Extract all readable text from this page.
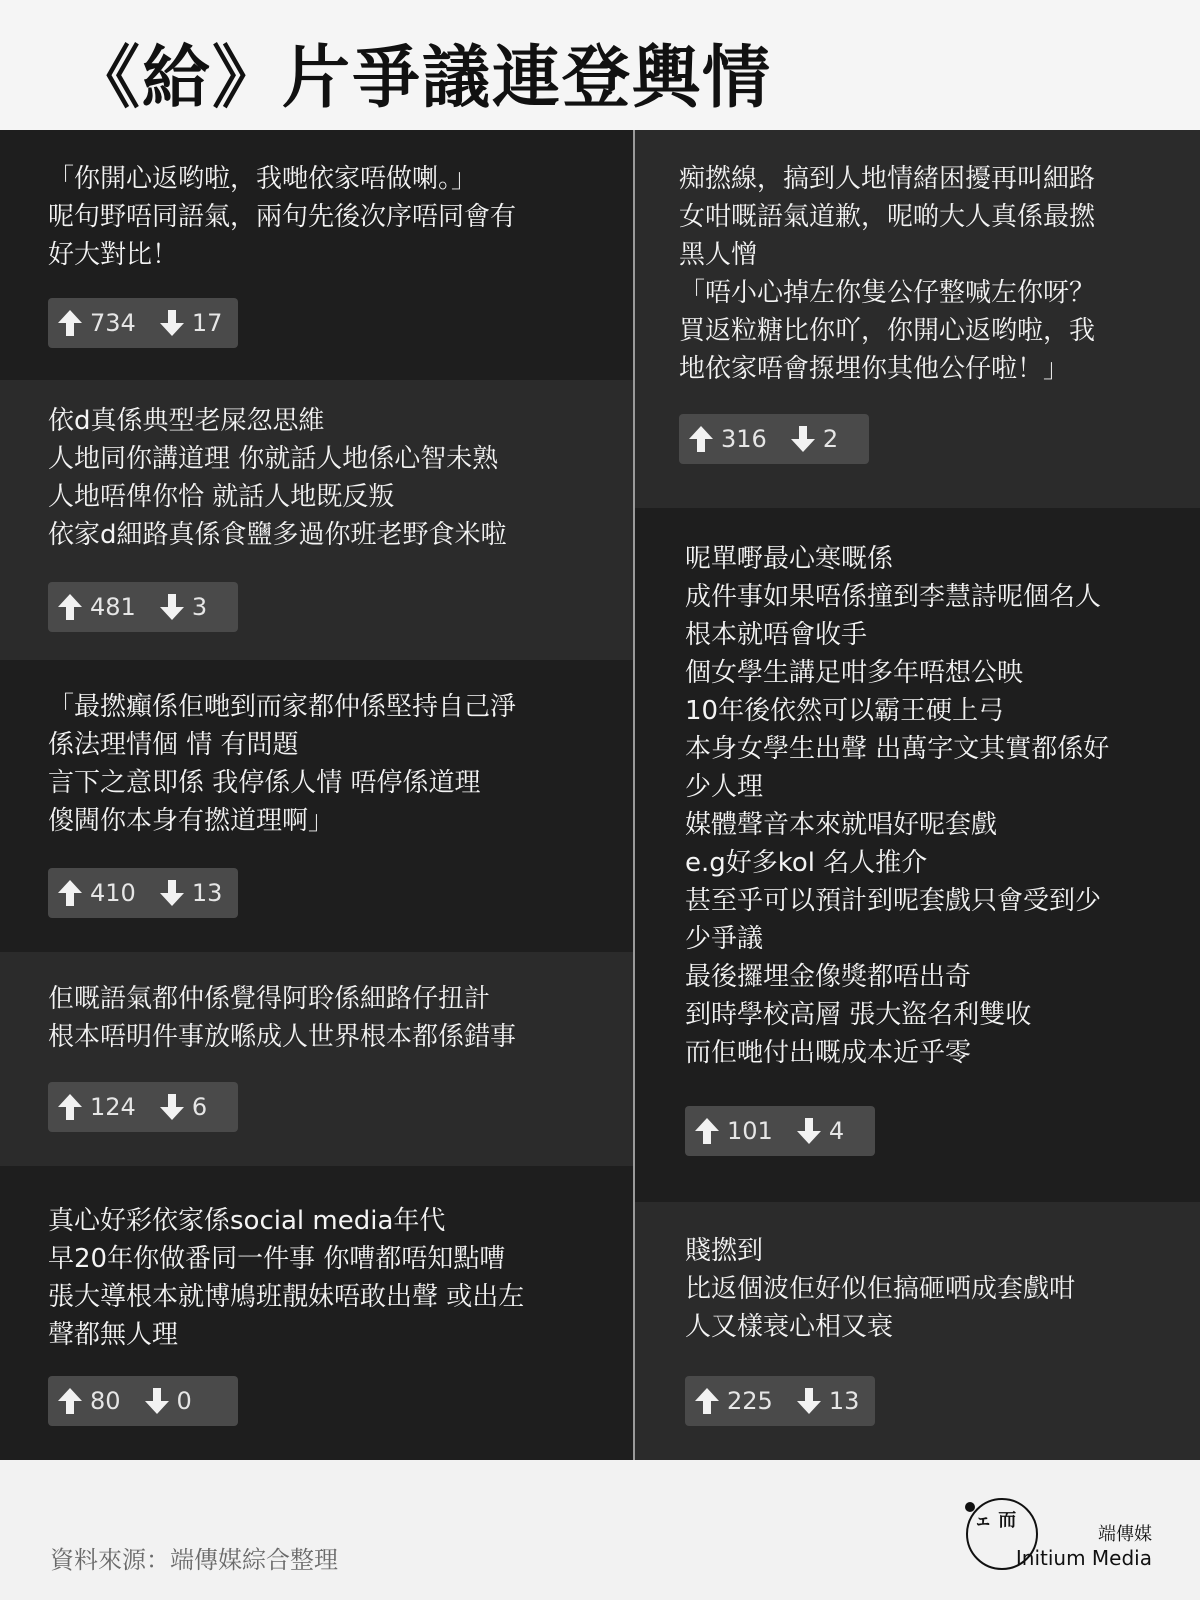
《給》片爭議連登輿情
「你開心返哟啦，我哋依家唔做喇。」
呢句野唔同語氣，兩句先後次序唔同會有
好大對比！
734 17
依d真係典型老屎忽思維
人地同你講道理 你就話人地係心智未熟
人地唔俾你恰 就話人地既反叛
依家d細路真係食鹽多過你班老野食米啦
481 3
「最撚癲係佢哋到而家都仲係堅持自己淨
係法理情個 情 有問題
言下之意即係 我停係人情 唔停係道理
傻閪你本身有撚道理啊」
410 13
佢嘅語氣都仲係覺得阿聆係細路仔扭計
根本唔明件事放喺成人世界根本都係錯事
124 6
真心好彩依家係social media年代
早20年你做番同一件事 你嘈都唔知點嘈
張大導根本就博鳩班靚妹唔敢出聲 或出左
聲都無人理
80 0
痴撚線，搞到人地情緒困擾再叫細路
女咁嘅語氣道歉，呢啲大人真係最撚
黑人憎
「唔小心掉左你隻公仔整喊左你呀？
買返粒糖比你吖，你開心返哟啦，我
地依家唔會揼埋你其他公仔啦！」
316 2
呢單嘢最心寒嘅係
成件事如果唔係撞到李慧詩呢個名人
根本就唔會收手
個女學生講足咁多年唔想公映
10年後依然可以霸王硬上弓
本身女學生出聲 出萬字文其實都係好
少人理
媒體聲音本來就唱好呢套戲
e.g好多kol 名人推介
甚至乎可以預計到呢套戲只會受到少
少爭議
最後攞埋金像獎都唔出奇
到時學校高層 張大盜名利雙收
而佢哋付出嘅成本近乎零
101 4
賤撚到
比返個波佢好似佢搞砸哂成套戲咁
人又樣衰心相又衰
225 13
資料來源：端傳媒綜合整理
ェ 而
端傳媒
Initium Media
